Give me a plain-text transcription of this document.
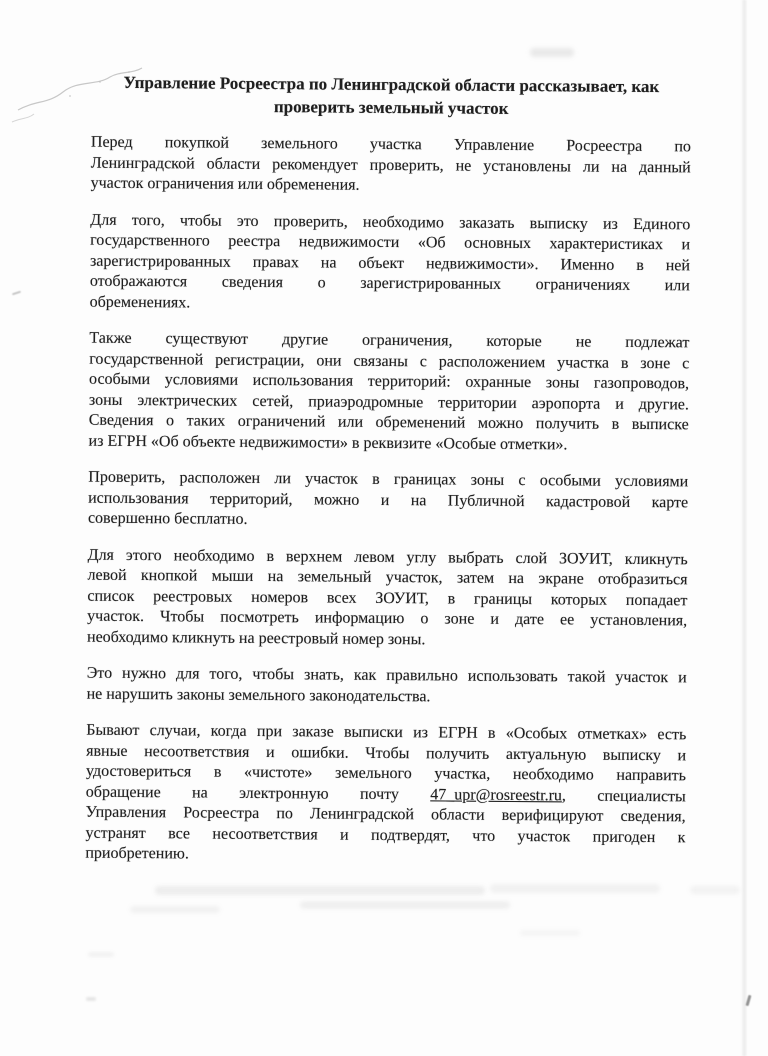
Управление Росреестра по Ленинградской области рассказывает, как
проверить земельный участок
Перед покупкой земельного участка Управление Росреестра по
Ленинградской области рекомендует проверить, не установлены ли на данный
участок ограничения или обременения.
Для того, чтобы это проверить, необходимо заказать выписку из Единого
государственного реестра недвижимости «Об основных характеристиках и
зарегистрированных правах на объект недвижимости». Именно в ней
отображаются сведения о зарегистрированных ограничениях или
обременениях.
Также существуют другие ограничения, которые не подлежат
государственной регистрации, они связаны с расположением участка в зоне с
особыми условиями использования территорий: охранные зоны газопроводов,
зоны электрических сетей, приаэродромные территории аэропорта и другие.
Сведения о таких ограничений или обременений можно получить в выписке
из ЕГРН «Об объекте недвижимости» в реквизите «Особые отметки».
Проверить, расположен ли участок в границах зоны с особыми условиями
использования территорий, можно и на Публичной кадастровой карте
совершенно бесплатно.
Для этого необходимо в верхнем левом углу выбрать слой ЗОУИТ, кликнуть
левой кнопкой мыши на земельный участок, затем на экране отобразиться
список реестровых номеров всех ЗОУИТ, в границы которых попадает
участок. Чтобы посмотреть информацию о зоне и дате ее установления,
необходимо кликнуть на реестровый номер зоны.
Это нужно для того, чтобы знать, как правильно использовать такой участок и
не нарушить законы земельного законодательства.
Бывают случаи, когда при заказе выписки из ЕГРН в «Особых отметках» есть
явные несоответствия и ошибки. Чтобы получить актуальную выписку и
удостовериться в «чистоте» земельного участка, необходимо направить
обращение на электронную почту 47_upr@rosreestr.ru, специалисты
Управления Росреестра по Ленинградской области верифицируют сведения,
устранят все несоответствия и подтвердят, что участок пригоден к
приобретению.
